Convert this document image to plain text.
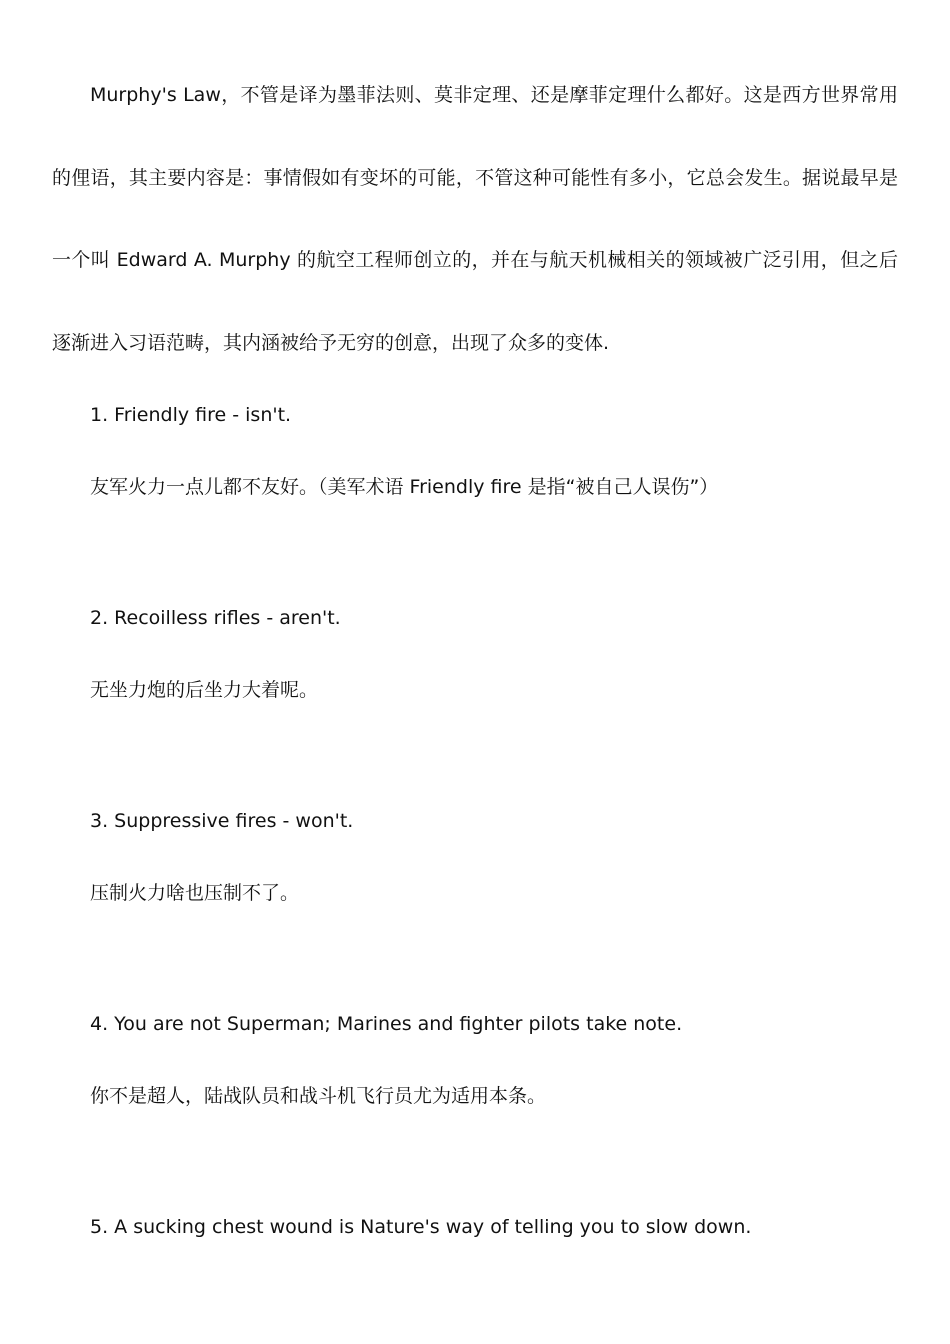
Murphy's Law，不管是译为墨菲法则、莫非定理、还是摩菲定理什么都好。这是西方世界常用
的俚语，其主要内容是：事情假如有变坏的可能，不管这种可能性有多小，它总会发生。据说最早是
一个叫 Edward A. Murphy 的航空工程师创立的，并在与航天机械相关的领域被广泛引用，但之后
逐渐进入习语范畴，其内涵被给予无穷的创意，出现了众多的变体.
1. Friendly fire - isn't.
友军火力一点儿都不友好。（美军术语 Friendly fire 是指“被自己人误伤”）
2. Recoilless rifles - aren't.
无坐力炮的后坐力大着呢。
3. Suppressive fires - won't.
压制火力啥也压制不了。
4. You are not Superman; Marines and fighter pilots take note.
你不是超人，陆战队员和战斗机飞行员尤为适用本条。
5. A sucking chest wound is Nature's way of telling you to slow down.
